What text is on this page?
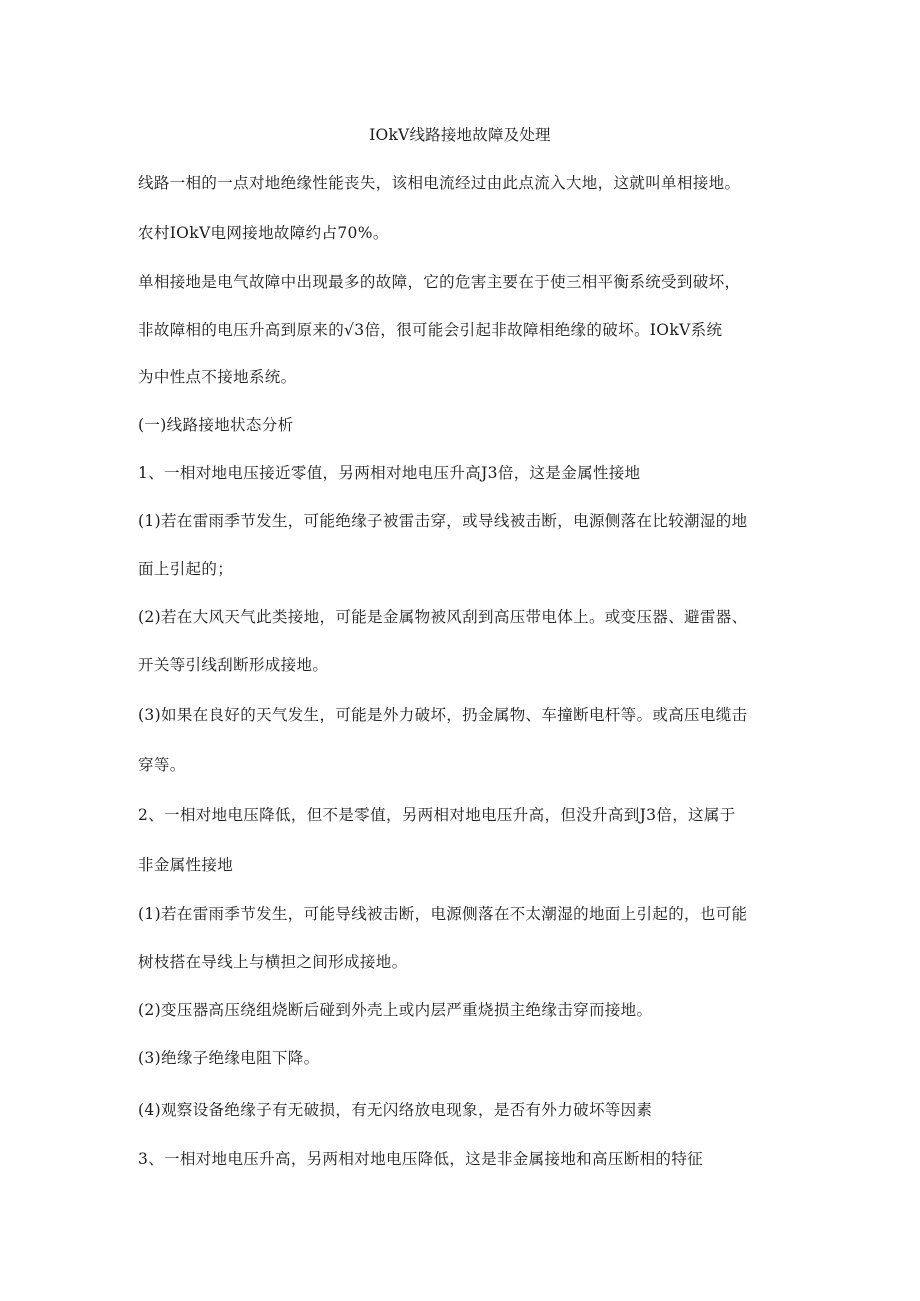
IOkV线路接地故障及处理
线路一相的一点对地绝缘性能丧失，该相电流经过由此点流入大地，这就叫单相接地。
农村IOkV电网接地故障约占70%。
单相接地是电气故障中出现最多的故障，它的危害主要在于使三相平衡系统受到破坏，
非故障相的电压升高到原来的√3倍，很可能会引起非故障相绝缘的破坏。IOkV系统
为中性点不接地系统。
(一)线路接地状态分析
1、一相对地电压接近零值，另两相对地电压升高J3倍，这是金属性接地
(1)若在雷雨季节发生，可能绝缘子被雷击穿，或导线被击断，电源侧落在比较潮湿的地
面上引起的；
(2)若在大风天气此类接地，可能是金属物被风刮到高压带电体上。或变压器、避雷器、
开关等引线刮断形成接地。
(3)如果在良好的天气发生，可能是外力破坏，扔金属物、车撞断电杆等。或高压电缆击
穿等。
2、一相对地电压降低，但不是零值，另两相对地电压升高，但没升高到J3倍，这属于
非金属性接地
(1)若在雷雨季节发生，可能导线被击断，电源侧落在不太潮湿的地面上引起的，也可能
树枝搭在导线上与横担之间形成接地。
(2)变压器高压绕组烧断后碰到外壳上或内层严重烧损主绝缘击穿而接地。
(3)绝缘子绝缘电阻下降。
(4)观察设备绝缘子有无破损，有无闪络放电现象，是否有外力破坏等因素
3、一相对地电压升高，另两相对地电压降低，这是非金属接地和高压断相的特征
